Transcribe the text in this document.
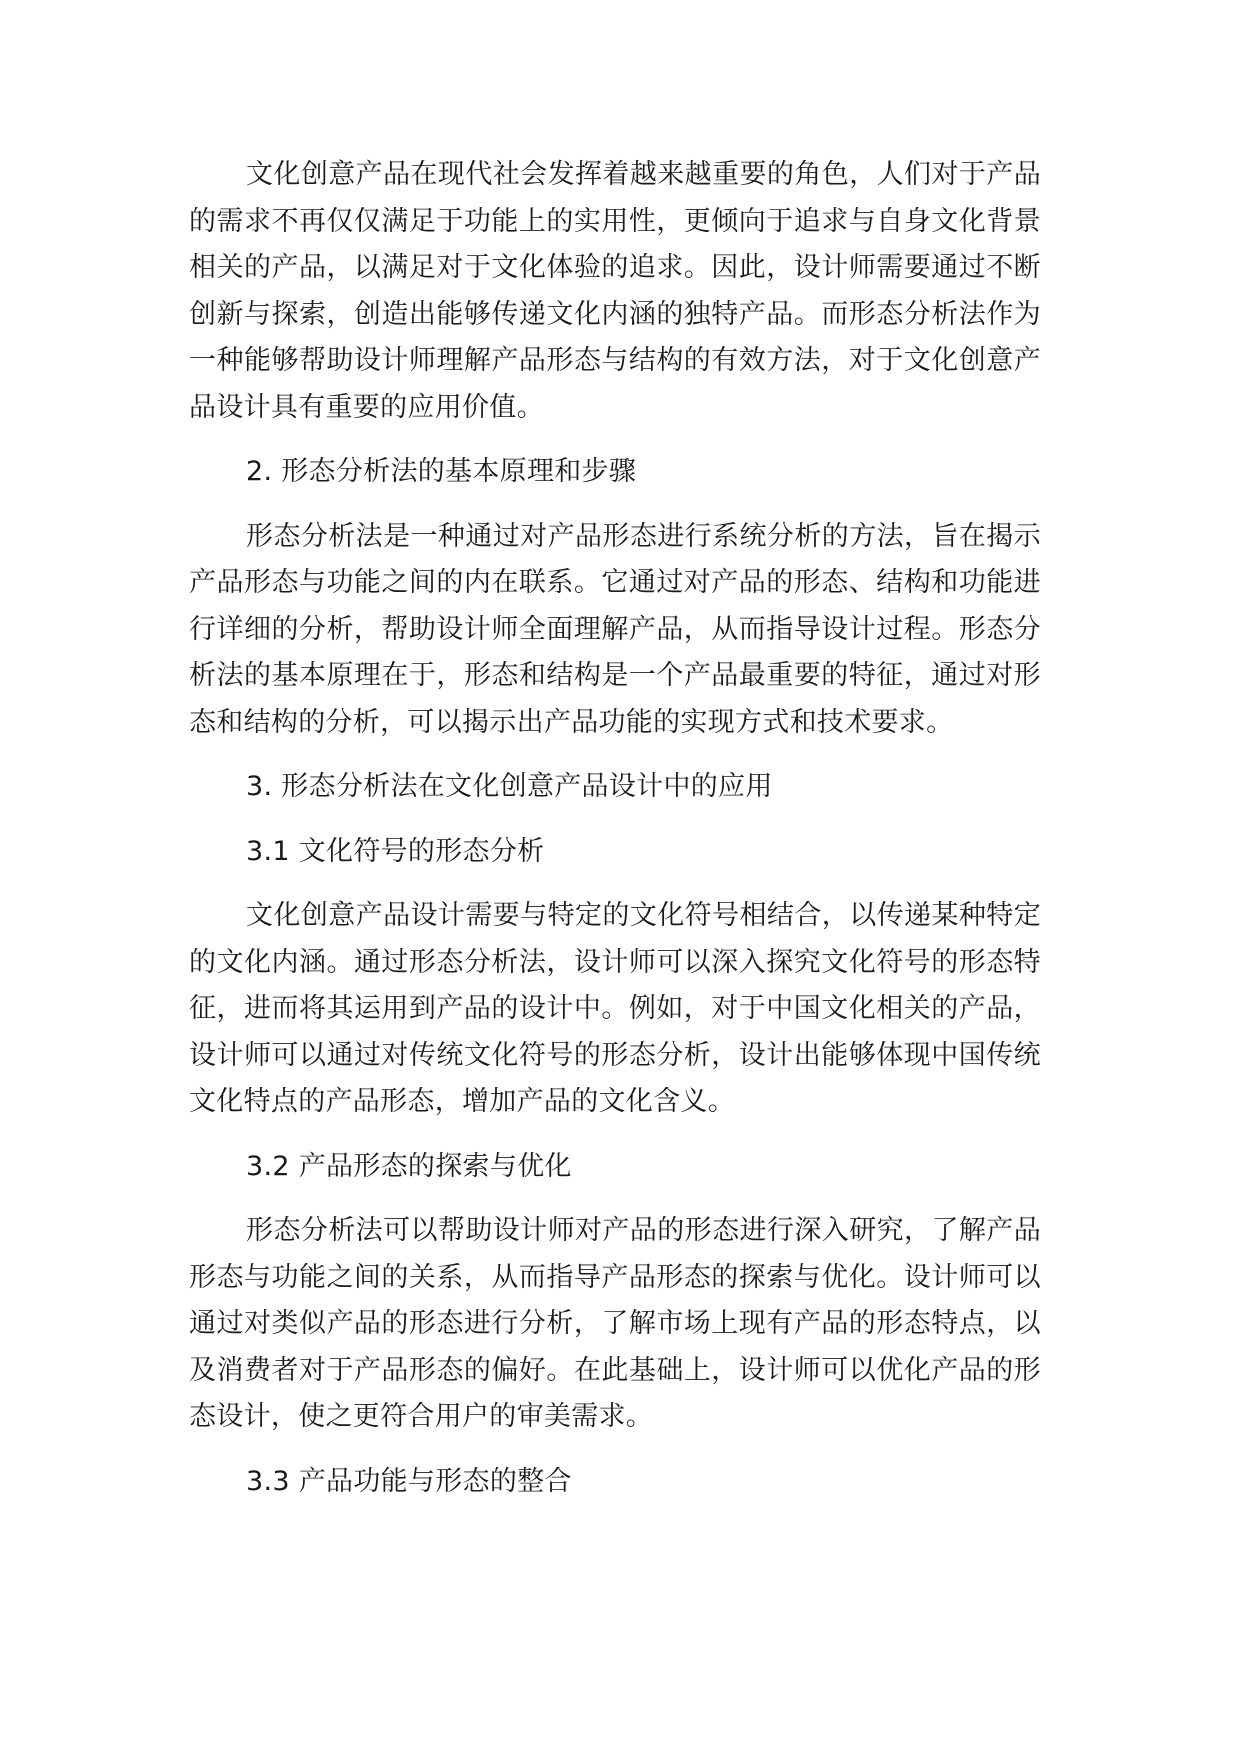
文化创意产品在现代社会发挥着越来越重要的角色，人们对于产品的需求不再仅仅满足于功能上的实用性，更倾向于追求与自身文化背景相关的产品，以满足对于文化体验的追求。因此，设计师需要通过不断创新与探索，创造出能够传递文化内涵的独特产品。而形态分析法作为一种能够帮助设计师理解产品形态与结构的有效方法，对于文化创意产品设计具有重要的应用价值。

2. 形态分析法的基本原理和步骤

形态分析法是一种通过对产品形态进行系统分析的方法，旨在揭示产品形态与功能之间的内在联系。它通过对产品的形态、结构和功能进行详细的分析，帮助设计师全面理解产品，从而指导设计过程。形态分析法的基本原理在于，形态和结构是一个产品最重要的特征，通过对形态和结构的分析，可以揭示出产品功能的实现方式和技术要求。

3. 形态分析法在文化创意产品设计中的应用

3.1 文化符号的形态分析

文化创意产品设计需要与特定的文化符号相结合，以传递某种特定的文化内涵。通过形态分析法，设计师可以深入探究文化符号的形态特征，进而将其运用到产品的设计中。例如，对于中国文化相关的产品，设计师可以通过对传统文化符号的形态分析，设计出能够体现中国传统文化特点的产品形态，增加产品的文化含义。

3.2 产品形态的探索与优化

形态分析法可以帮助设计师对产品的形态进行深入研究，了解产品形态与功能之间的关系，从而指导产品形态的探索与优化。设计师可以通过对类似产品的形态进行分析，了解市场上现有产品的形态特点，以及消费者对于产品形态的偏好。在此基础上，设计师可以优化产品的形态设计，使之更符合用户的审美需求。

3.3 产品功能与形态的整合
